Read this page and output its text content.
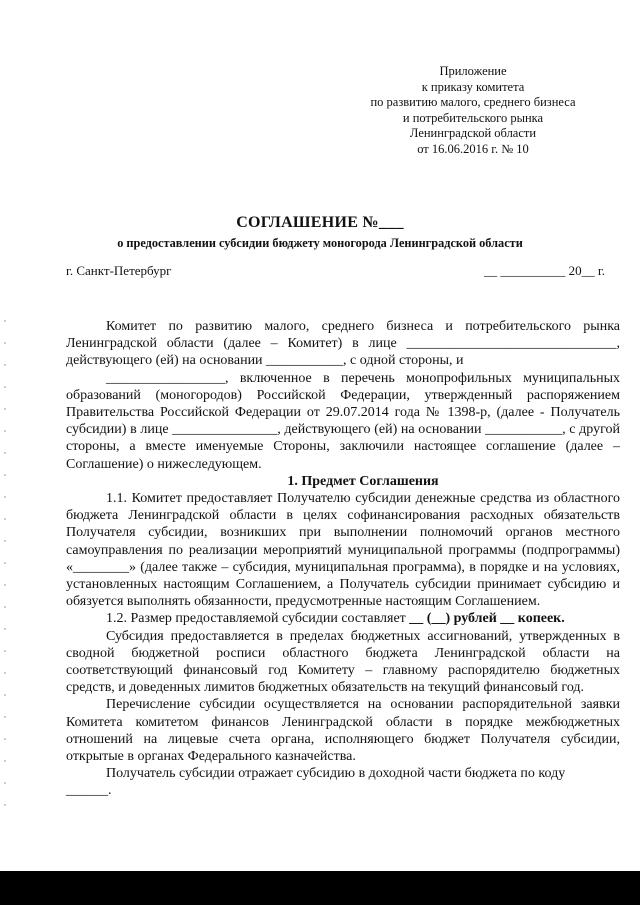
Приложение
к приказу комитета
по развитию малого, среднего бизнеса
и потребительского рынка
Ленинградской области
от 16.06.2016 г. № 10
СОГЛАШЕНИЕ №___
о предоставлении субсидии бюджету моногорода Ленинградской области
г. Санкт-Петербург	__ __________ 20__ г.

Комитет по развитию малого, среднего бизнеса и потребительского рынка Ленинградской области (далее – Комитет) в лице ______________________________, действующего (ей) на основании ___________, с одной стороны, и

_________________, включенное в перечень монопрофильных муниципальных образований (моногородов) Российской Федерации, утвержденный распоряжением Правительства Российской Федерации от 29.07.2014 года № 1398-р, (далее - Получатель субсидии) в лице _______________, действующего (ей) на основании ___________, с другой стороны, а вместе именуемые Стороны, заключили настоящее соглашение (далее – Соглашение) о нижеследующем.

1. Предмет Соглашения

1.1. Комитет предоставляет Получателю субсидии денежные средства из областного бюджета Ленинградской области в целях софинансирования расходных обязательств Получателя субсидии, возникших при выполнении полномочий органов местного самоуправления по реализации мероприятий муниципальной программы (подпрограммы) «________» (далее также – субсидия, муниципальная программа), в порядке и на условиях, установленных настоящим Соглашением, а Получатель субсидии принимает субсидию и обязуется выполнять обязанности, предусмотренные настоящим Соглашением.

1.2. Размер предоставляемой субсидии составляет __ (__) рублей __ копеек.

Субсидия предоставляется в пределах бюджетных ассигнований, утвержденных в сводной бюджетной росписи областного бюджета Ленинградской области на соответствующий финансовый год Комитету – главному распорядителю бюджетных средств, и доведенных лимитов бюджетных обязательств на текущий финансовый год.

Перечисление субсидии осуществляется на основании распорядительной заявки Комитета комитетом финансов Ленинградской области в порядке межбюджетных отношений на лицевые счета органа, исполняющего бюджет Получателя субсидии, открытые в органах Федерального казначейства.

Получатель субсидии отражает субсидию в доходной части бюджета по коду

______.
